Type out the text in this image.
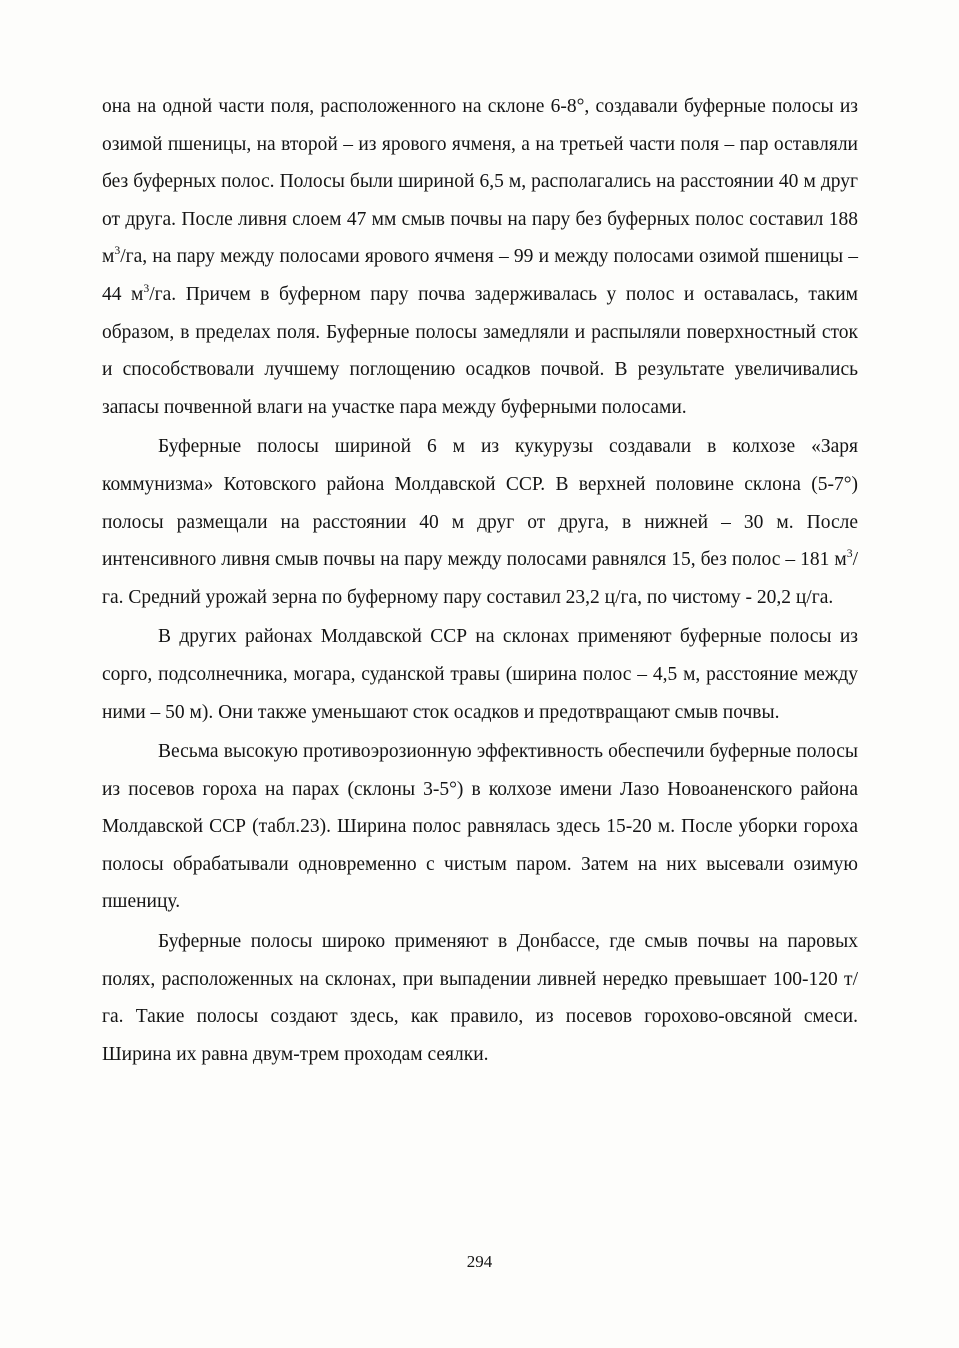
она на одной части поля, расположенного на склоне 6-8°, создавали буферные полосы из озимой пшеницы, на второй – из ярового ячменя, а на третьей части поля – пар оставляли без буферных полос. Полосы были шириной 6,5 м, располагались на расстоянии 40 м друг от друга. После ливня слоем 47 мм смыв почвы на пару без буферных полос составил 188 $м^3/га$, на пару между полосами ярового ячменя – 99 и между полосами озимой пшеницы – 44 $м^3/га$. Причем в буферном пару почва задерживалась у полос и оставалась, таким образом, в пределах поля. Буферные полосы замедляли и распыляли поверхностный сток и способствовали лучшему поглощению осадков почвой. В результате увеличивались запасы почвенной влаги на участке пара между буферными полосами.

Буферные полосы шириной 6 м из кукурузы создавали в колхозе «Заря коммунизма» Котовского района Молдавской ССР. В верхней половине склона (5-7°) полосы размещали на расстоянии 40 м друг от друга, в нижней – 30 м. После интенсивного ливня смыв почвы на пару между полосами равнялся 15, без полос – 181 $м^3/га$. Средний урожай зерна по буферному пару составил 23,2 ц/га, по чистому - 20,2 ц/га.

В других районах Молдавской ССР на склонах применяют буферные полосы из сорго, подсолнечника, могара, суданской травы (ширина полос – 4,5 м, расстояние между ними – 50 м). Они также уменьшают сток осадков и предотвращают смыв почвы.

Весьма высокую противоэрозионную эффективность обеспечили буферные полосы из посевов гороха на парах (склоны 3-5°) в колхозе имени Лазо Новоаненского района Молдавской ССР (табл.23). Ширина полос равнялась здесь 15-20 м. После уборки гороха полосы обрабатывали одновременно с чистым паром. Затем на них высевали озимую пшеницу.

Буферные полосы широко применяют в Донбассе, где смыв почвы на паровых полях, расположенных на склонах, при выпадении ливней нередко превышает 100-120 т/га. Такие полосы создают здесь, как правило, из посевов горохово-овсяной смеси. Ширина их равна двум-трем проходам сеялки.

294
